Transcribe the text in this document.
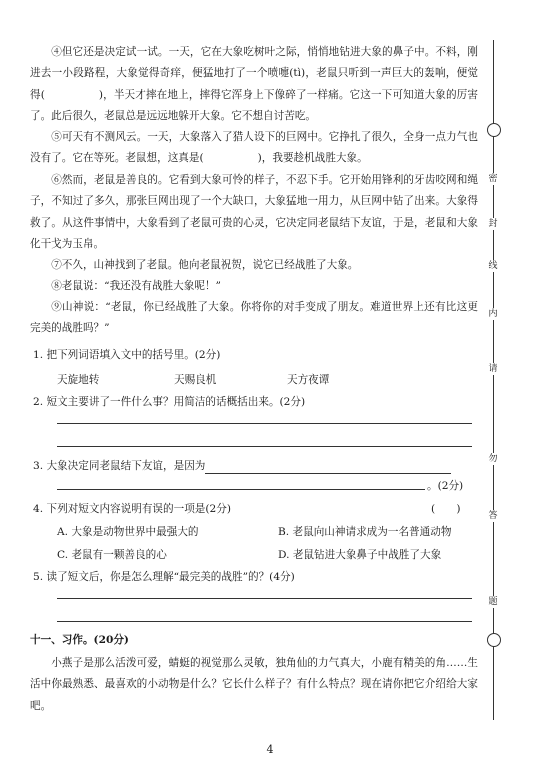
④但它还是决定试一试。一天，它在大象吃树叶之际，悄悄地钻进大象的鼻子中。不料，刚进去一小段路程，大象觉得奇痒，便猛地打了一个喷嚏(tì)，老鼠只听到一声巨大的轰响，便觉得(	)，半天才摔在地上，摔得它浑身上下像碎了一样痛。它这一下可知道大象的厉害了。此后很久，老鼠总是远远地躲开大象。它不想自讨苦吃。
⑤可天有不测风云。一天，大象落入了猎人设下的巨网中。它挣扎了很久，全身一点力气也没有了。它在等死。老鼠想，这真是(	)，我要趁机战胜大象。
⑥然而，老鼠是善良的。它看到大象可怜的样子，不忍下手。它开始用锋利的牙齿咬网和绳子，不知过了多久，那张巨网出现了一个大缺口，大象猛地一用力，从巨网中钻了出来。大象得救了。从这件事情中，大象看到了老鼠可贵的心灵，它决定同老鼠结下友谊，于是，老鼠和大象化干戈为玉帛。
⑦不久，山神找到了老鼠。他向老鼠祝贺，说它已经战胜了大象。
⑧老鼠说：“我还没有战胜大象呢！”
⑨山神说：“老鼠，你已经战胜了大象。你将你的对手变成了朋友。难道世界上还有比这更完美的战胜吗？”
1. 把下列词语填入文中的括号里。(2分)
天旋地转	天赐良机	天方夜谭
2. 短文主要讲了一件什么事？用简洁的话概括出来。(2分)
3. 大象决定同老鼠结下友谊，是因为
。(2分)
4. 下列对短文内容说明有误的一项是(2分)	(　　)
A. 大象是动物世界中最强大的	B. 老鼠向山神请求成为一名普通动物
C. 老鼠有一颗善良的心	D. 老鼠钻进大象鼻子中战胜了大象
5. 读了短文后，你是怎么理解“最完美的战胜”的？(4分)
十一、习作。(20分)
小燕子是那么活泼可爱，蜻蜓的视觉那么灵敏，独角仙的力气真大，小鹿有精美的角……生活中你最熟悉、最喜欢的小动物是什么？它长什么样子？有什么特点？现在请你把它介绍给大家吧。
密
封
线
内
请
勿
答
题
4
